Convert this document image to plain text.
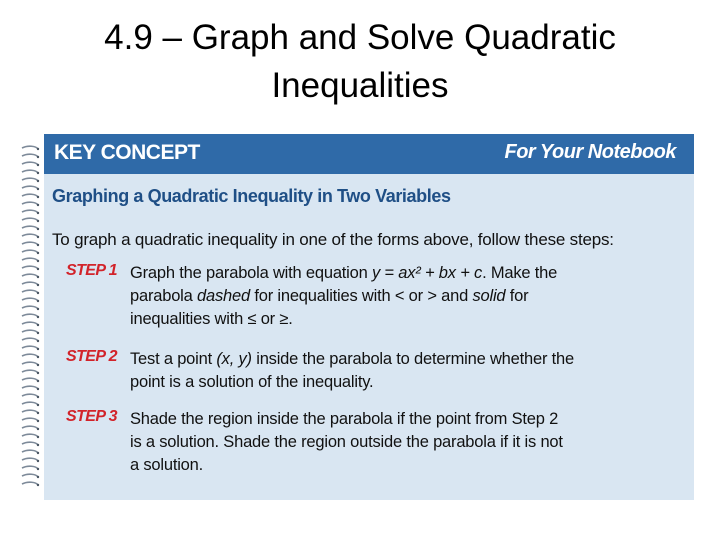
4.9 – Graph and Solve Quadratic
Inequalities
KEY CONCEPT	For Your Notebook
Graphing a Quadratic Inequality in Two Variables
To graph a quadratic inequality in one of the forms above, follow these steps:
STEP 1 Graph the parabola with equation y = ax² + bx + c. Make the
parabola dashed for inequalities with < or > and solid for
inequalities with ≤ or ≥.
STEP 2 Test a point (x, y) inside the parabola to determine whether the
point is a solution of the inequality.
STEP 3 Shade the region inside the parabola if the point from Step 2
is a solution. Shade the region outside the parabola if it is not
a solution.
